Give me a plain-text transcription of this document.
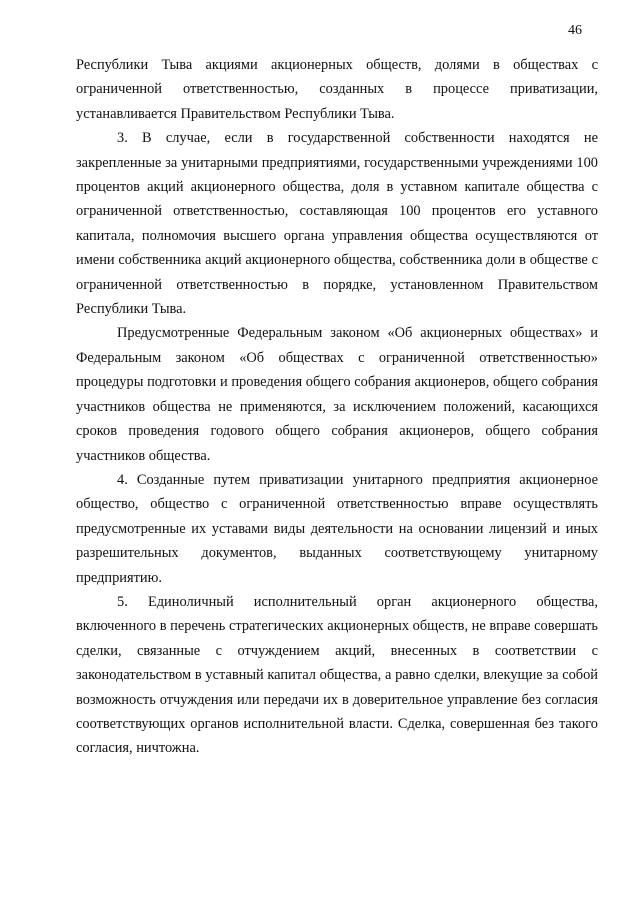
46

Республики Тыва акциями акционерных обществ, долями в обществах с ограниченной ответственностью, созданных в процессе приватизации, устанавливается Правительством Республики Тыва.

3. В случае, если в государственной собственности находятся не закрепленные за унитарными предприятиями, государственными учреждениями 100 процентов акций акционерного общества, доля в уставном капитале общества с ограниченной ответственностью, составляющая 100 процентов его уставного капитала, полномочия высшего органа управления общества осуществляются от имени собственника акций акционерного общества, собственника доли в обществе с ограниченной ответственностью в порядке, установленном Правительством Республики Тыва.

Предусмотренные Федеральным законом «Об акционерных обществах» и Федеральным законом «Об обществах с ограниченной ответственностью» процедуры подготовки и проведения общего собрания акционеров, общего собрания участников общества не применяются, за исключением положений, касающихся сроков проведения годового общего собрания акционеров, общего собрания участников общества.

4. Созданные путем приватизации унитарного предприятия акционерное общество, общество с ограниченной ответственностью вправе осуществлять предусмотренные их уставами виды деятельности на основании лицензий и иных разрешительных документов, выданных соответствующему унитарному предприятию.

5. Единоличный исполнительный орган акционерного общества, включенного в перечень стратегических акционерных обществ, не вправе совершать сделки, связанные с отчуждением акций, внесенных в соответствии с законодательством в уставный капитал общества, а равно сделки, влекущие за собой возможность отчуждения или передачи их в доверительное управление без согласия соответствующих органов исполнительной власти. Сделка, совершенная без такого согласия, ничтожна.
